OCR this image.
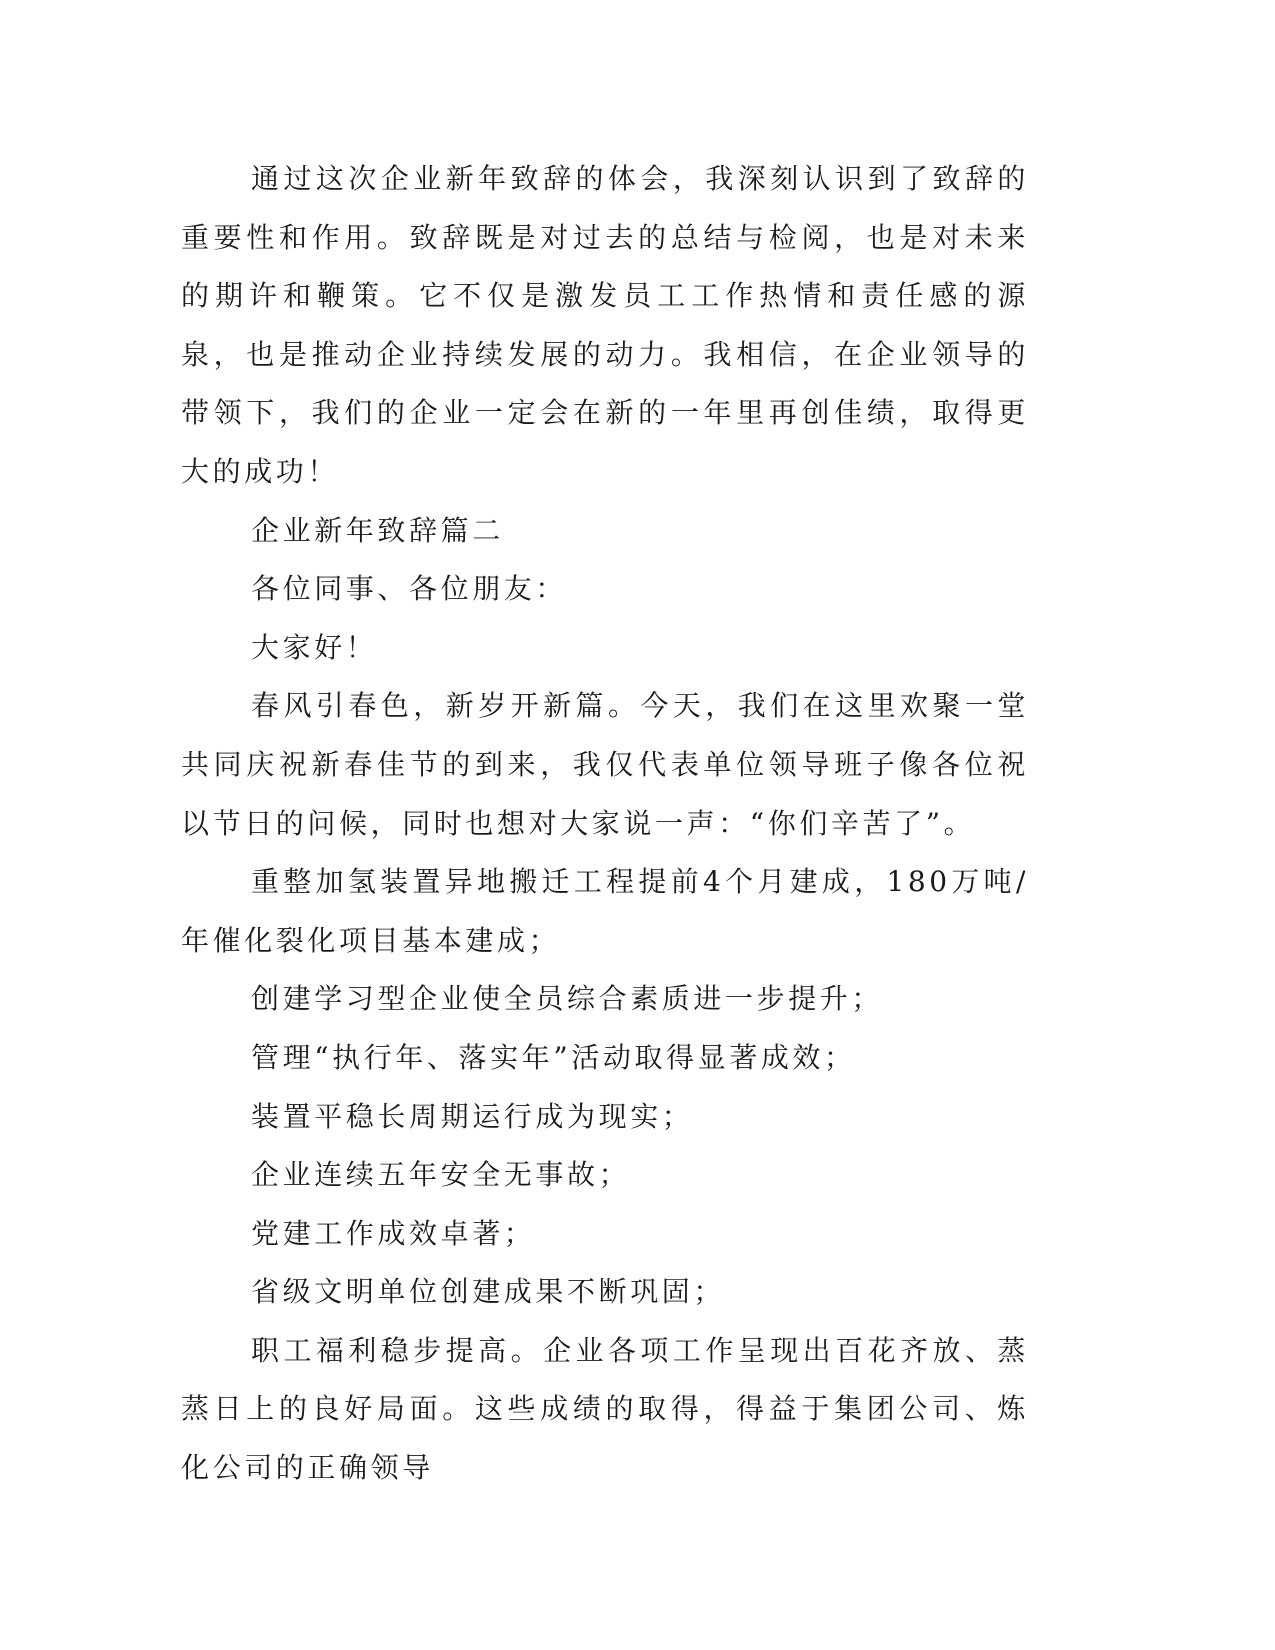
通过这次企业新年致辞的体会，我深刻认识到了致辞的重要性和作用。致辞既是对过去的总结与检阅，也是对未来的期许和鞭策。它不仅是激发员工工作热情和责任感的源泉，也是推动企业持续发展的动力。我相信，在企业领导的带领下，我们的企业一定会在新的一年里再创佳绩，取得更大的成功！

企业新年致辞篇二

各位同事、各位朋友：

大家好！

春风引春色，新岁开新篇。今天，我们在这里欢聚一堂共同庆祝新春佳节的到来，我仅代表单位领导班子像各位祝以节日的问候，同时也想对大家说一声：“你们辛苦了”。

重整加氢装置异地搬迁工程提前4个月建成，180万吨/年催化裂化项目基本建成；

创建学习型企业使全员综合素质进一步提升；

管理“执行年、落实年”活动取得显著成效；

装置平稳长周期运行成为现实；

企业连续五年安全无事故；

党建工作成效卓著；

省级文明单位创建成果不断巩固；

职工福利稳步提高。企业各项工作呈现出百花齐放、蒸蒸日上的良好局面。这些成绩的取得，得益于集团公司、炼化公司的正确领导
